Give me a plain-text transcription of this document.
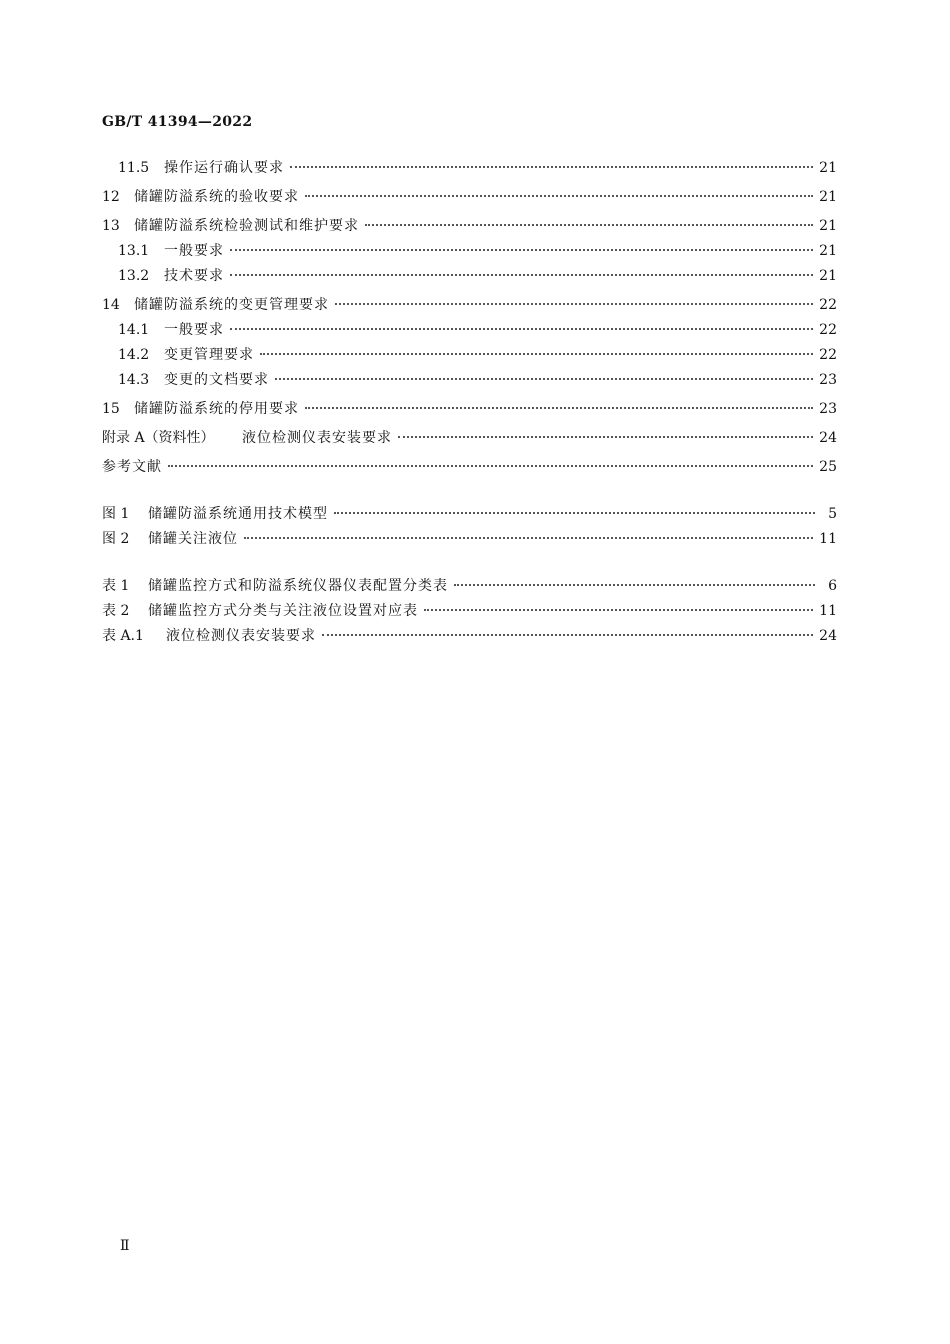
GB/T 41394—2022
11.5	操作运行确认要求	21
12	储罐防溢系统的验收要求	21
13	储罐防溢系统检验测试和维护要求	21
13.1	一般要求	21
13.2	技术要求	21
14	储罐防溢系统的变更管理要求	22
14.1	一般要求	22
14.2	变更管理要求	22
14.3	变更的文档要求	23
15	储罐防溢系统的停用要求	23
附录 A（资料性）	液位检测仪表安装要求	24
参考文献	25
图 1	储罐防溢系统通用技术模型	5
图 2	储罐关注液位	11
表 1	储罐监控方式和防溢系统仪器仪表配置分类表	6
表 2	储罐监控方式分类与关注液位设置对应表	11
表 A.1	液位检测仪表安装要求	24
Ⅱ
